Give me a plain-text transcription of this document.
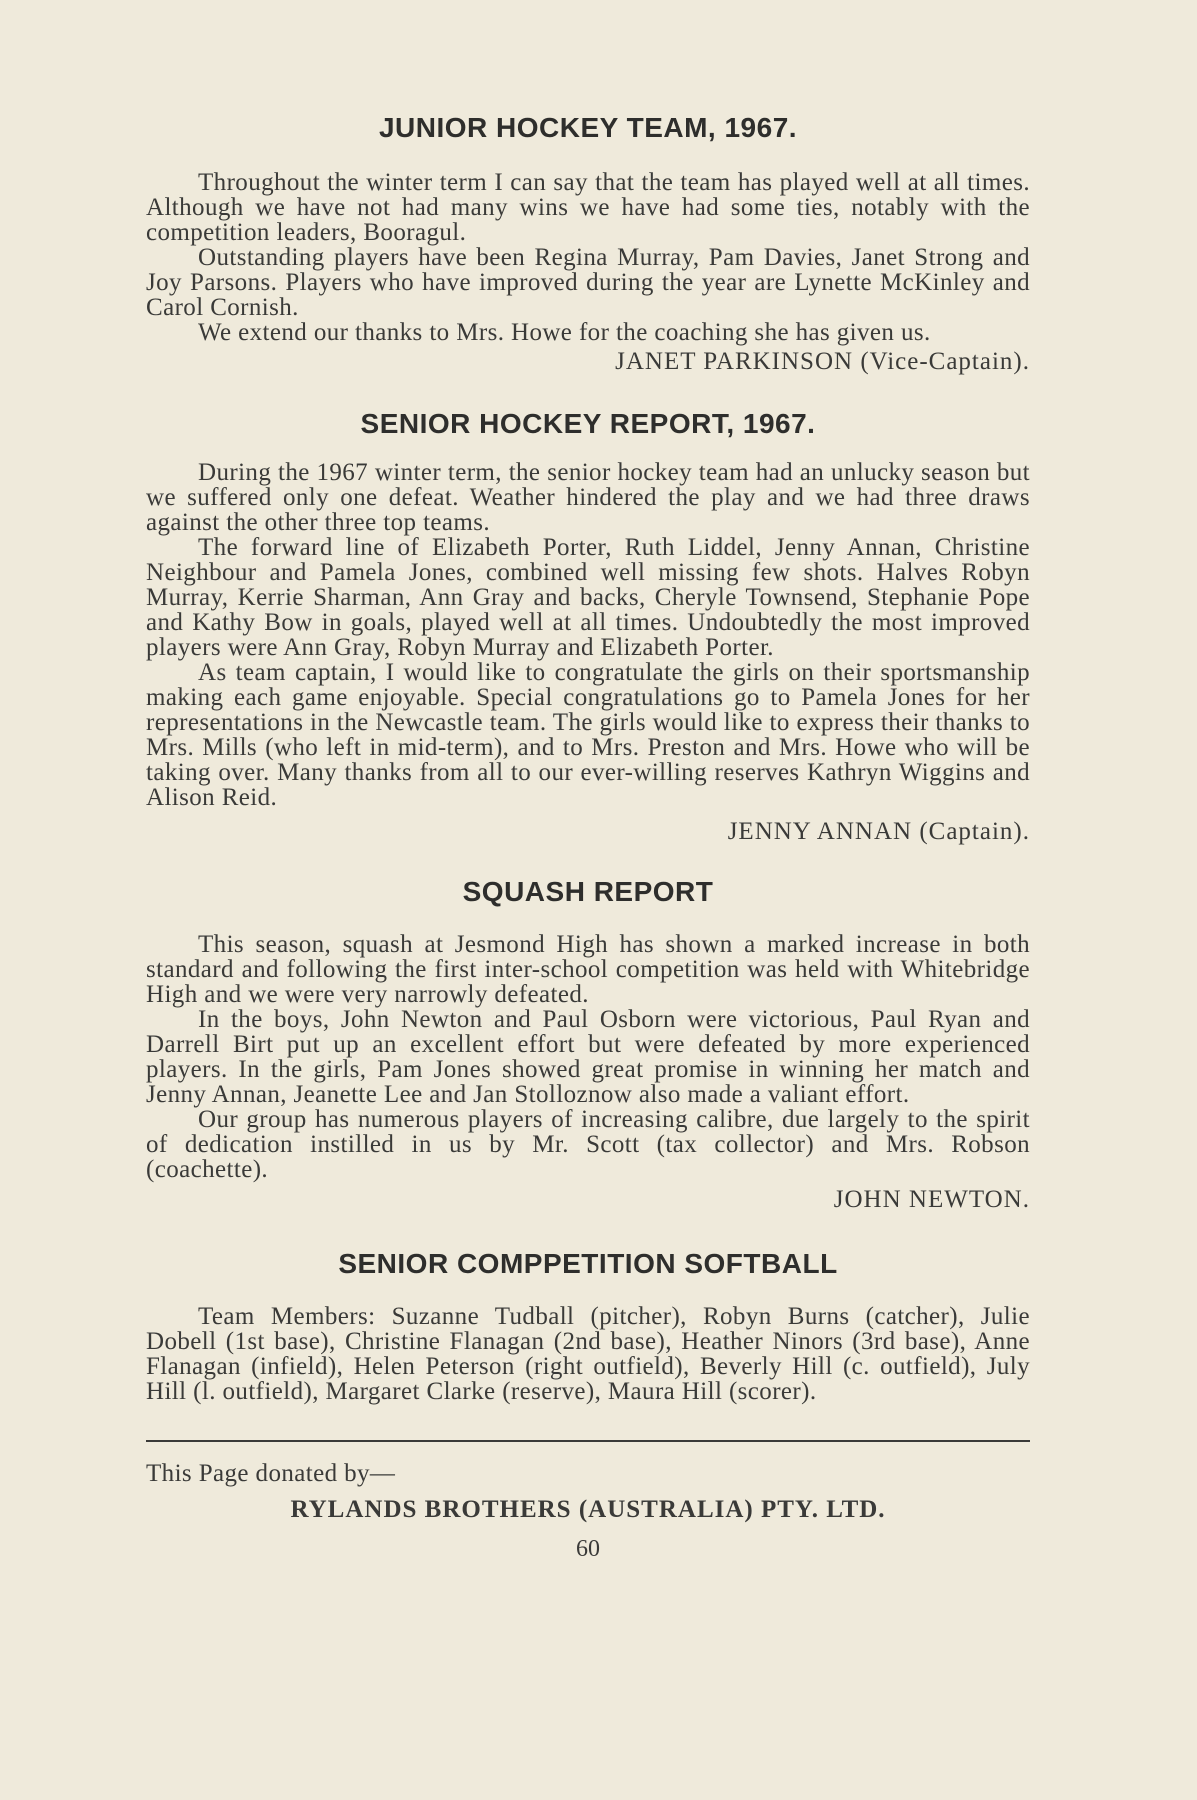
JUNIOR HOCKEY TEAM, 1967.

Throughout the winter term I can say that the team has played well at all times. Although we have not had many wins we have had some ties, notably with the competition leaders, Booragul.

Outstanding players have been Regina Murray, Pam Davies, Janet Strong and Joy Parsons. Players who have improved during the year are Lynette McKinley and Carol Cornish.

We extend our thanks to Mrs. Howe for the coaching she has given us.

JANET PARKINSON (Vice-Captain).

SENIOR HOCKEY REPORT, 1967.

During the 1967 winter term, the senior hockey team had an unlucky season but we suffered only one defeat. Weather hindered the play and we had three draws against the other three top teams.

The forward line of Elizabeth Porter, Ruth Liddel, Jenny Annan, Christine Neighbour and Pamela Jones, combined well missing few shots. Halves Robyn Murray, Kerrie Sharman, Ann Gray and backs, Cheryle Townsend, Stephanie Pope and Kathy Bow in goals, played well at all times. Undoubtedly the most improved players were Ann Gray, Robyn Murray and Elizabeth Porter.

As team captain, I would like to congratulate the girls on their sportsmanship making each game enjoyable. Special congratulations go to Pamela Jones for her representations in the Newcastle team. The girls would like to express their thanks to Mrs. Mills (who left in mid-term), and to Mrs. Preston and Mrs. Howe who will be taking over. Many thanks from all to our ever-willing reserves Kathryn Wiggins and Alison Reid.

JENNY ANNAN (Captain).

SQUASH REPORT

This season, squash at Jesmond High has shown a marked increase in both standard and following the first inter-school competition was held with Whitebridge High and we were very narrowly defeated.

In the boys, John Newton and Paul Osborn were victorious, Paul Ryan and Darrell Birt put up an excellent effort but were defeated by more experienced players. In the girls, Pam Jones showed great promise in winning her match and Jenny Annan, Jeanette Lee and Jan Stolloznow also made a valiant effort.

Our group has numerous players of increasing calibre, due largely to the spirit of dedication instilled in us by Mr. Scott (tax collector) and Mrs. Robson (coachette).

JOHN NEWTON.

SENIOR COMPPETITION SOFTBALL

Team Members: Suzanne Tudball (pitcher), Robyn Burns (catcher), Julie Dobell (1st base), Christine Flanagan (2nd base), Heather Ninors (3rd base), Anne Flanagan (infield), Helen Peterson (right outfield), Beverly Hill (c. outfield), July Hill (l. outfield), Margaret Clarke (reserve), Maura Hill (scorer).

This Page donated by—

RYLANDS BROTHERS (AUSTRALIA) PTY. LTD.

60
